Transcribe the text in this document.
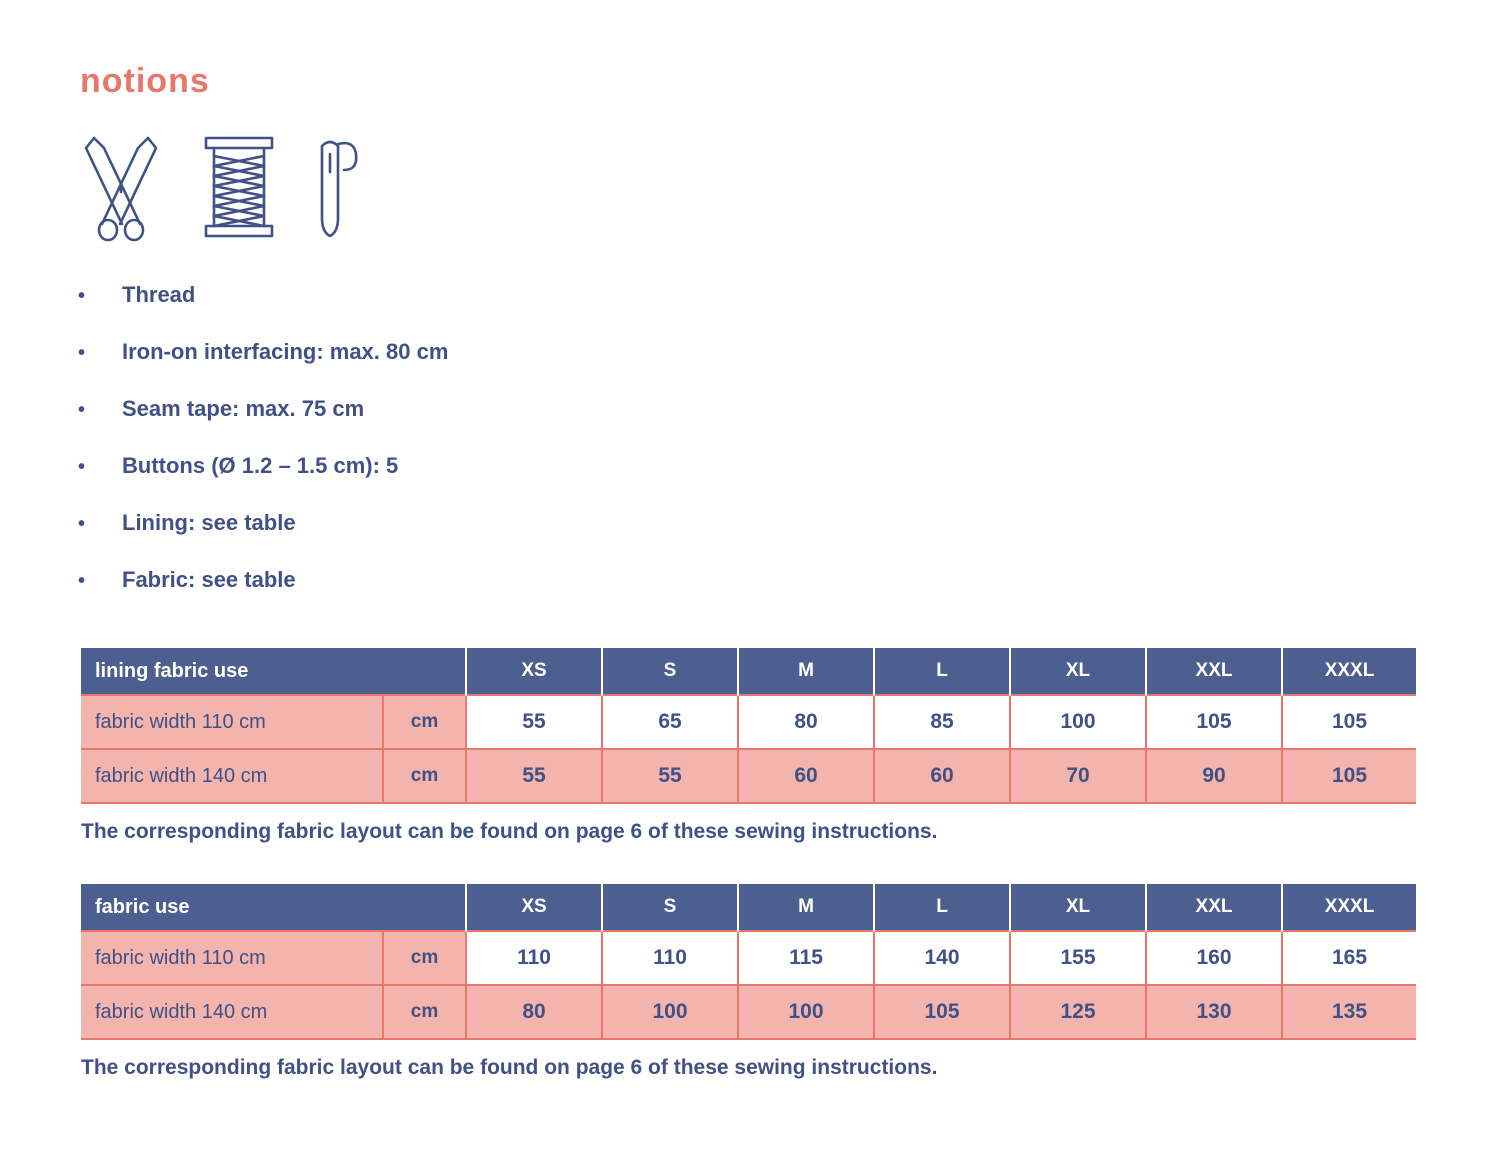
notions
•	Thread
•	Iron-on interfacing: max. 80 cm
•	Seam tape: max. 75 cm
•	Buttons (Ø 1.2 – 1.5 cm): 5
•	Lining: see table
•	Fabric: see table
lining fabric use		XS	S	M	L	XL	XXL	XXXL
fabric width 110 cm	cm	55	65	80	85	100	105	105
fabric width 140 cm	cm	55	55	60	60	70	90	105
The corresponding fabric layout can be found on page 6 of these sewing instructions.
fabric use		XS	S	M	L	XL	XXL	XXXL
fabric width 110 cm	cm	110	110	115	140	155	160	165
fabric width 140 cm	cm	80	100	100	105	125	130	135
The corresponding fabric layout can be found on page 6 of these sewing instructions.
